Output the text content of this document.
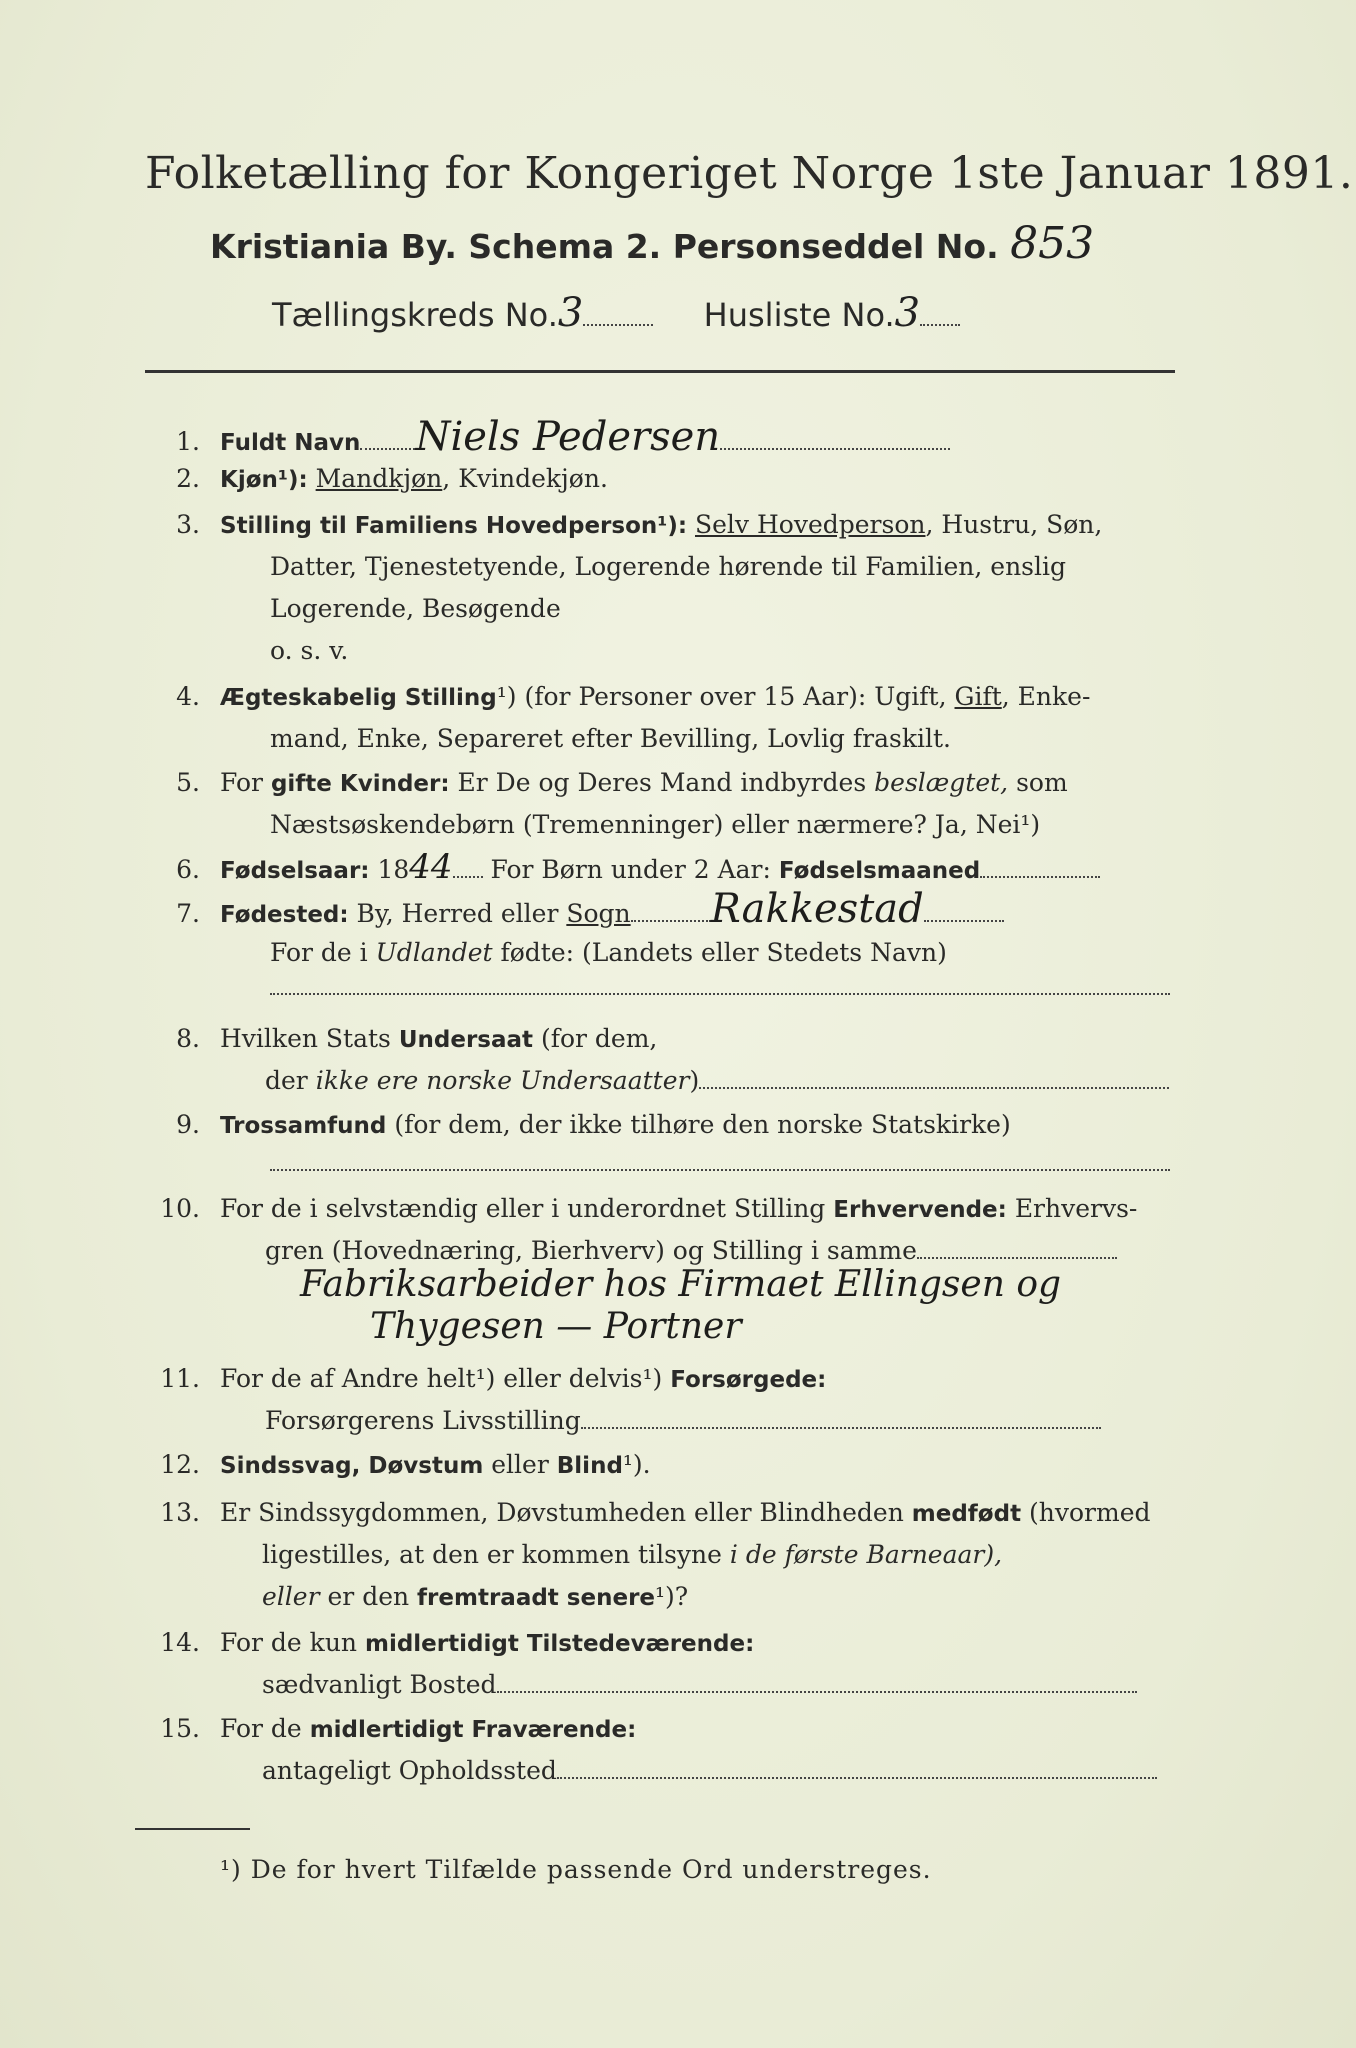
Folketælling for Kongeriget Norge 1ste Januar 1891.
Kristiania By. Schema 2. Personseddel No. 853
Tællingskreds No.3	Husliste No.3
1. Fuldt Navn Niels Pedersen
2. Kjøn¹): Mandkjøn, Kvindekjøn.
3. Stilling til Familiens Hovedperson¹): Selv Hovedperson, Hustru, Søn,
Datter, Tjenestetyende, Logerende hørende til Familien, enslig
Logerende, Besøgende
o. s. v.
4. Ægteskabelig Stilling¹) (for Personer over 15 Aar): Ugift, Gift, Enke-
mand, Enke, Separeret efter Bevilling, Lovlig fraskilt.
5. For gifte Kvinder: Er De og Deres Mand indbyrdes beslægtet, som
Næstsøskendebørn (Tremenninger) eller nærmere? Ja, Nei¹)
6. Fødselsaar: 1844 For Børn under 2 Aar: Fødselsmaaned
7. Fødested: By, Herred eller Sogn Rakkestad
For de i Udlandet fødte: (Landets eller Stedets Navn)
8. Hvilken Stats Undersaat (for dem,
der ikke ere norske Undersaatter)
9. Trossamfund (for dem, der ikke tilhøre den norske Statskirke)
10. For de i selvstændig eller i underordnet Stilling Erhvervende: Erhvervs-
gren (Hovednæring, Bierhverv) og Stilling i samme
Fabriksarbeider hos Firmaet Ellingsen og
Thygesen — Portner
11. For de af Andre helt¹) eller delvis¹) Forsørgede:
Forsørgerens Livsstilling
12. Sindssvag, Døvstum eller Blind¹).
13. Er Sindssygdommen, Døvstumheden eller Blindheden medfødt (hvormed
ligestilles, at den er kommen tilsyne i de første Barneaar),
eller er den fremtraadt senere¹)?
14. For de kun midlertidigt Tilstedeværende:
sædvanligt Bosted
15. For de midlertidigt Fraværende:
antageligt Opholdssted
¹) De for hvert Tilfælde passende Ord understreges.
